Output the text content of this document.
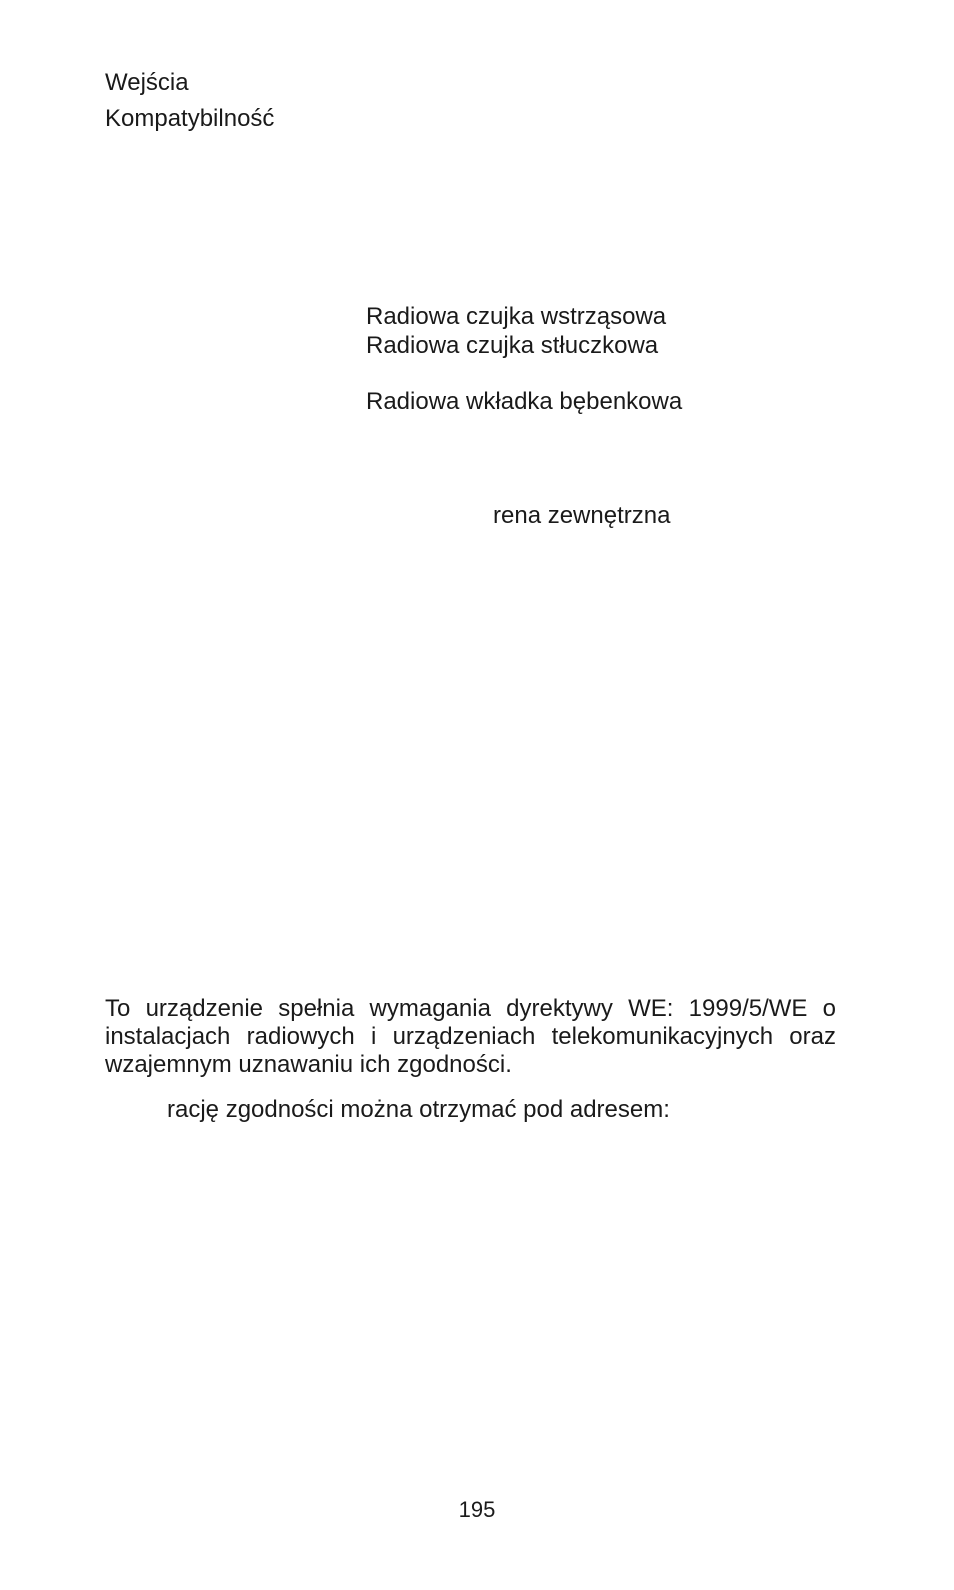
Wejścia
Kompatybilność
Radiowa czujka wstrząsowa
Radiowa czujka stłuczkowa
Radiowa wkładka bębenkowa
rena zewnętrzna
To urządzenie spełnia wymagania dyrektywy WE: 1999/5/WE o instalacjach radiowych i urządzeniach telekomunikacyjnych oraz wzajemnym uznawaniu ich zgodności.
rację zgodności można otrzymać pod adresem:
195
